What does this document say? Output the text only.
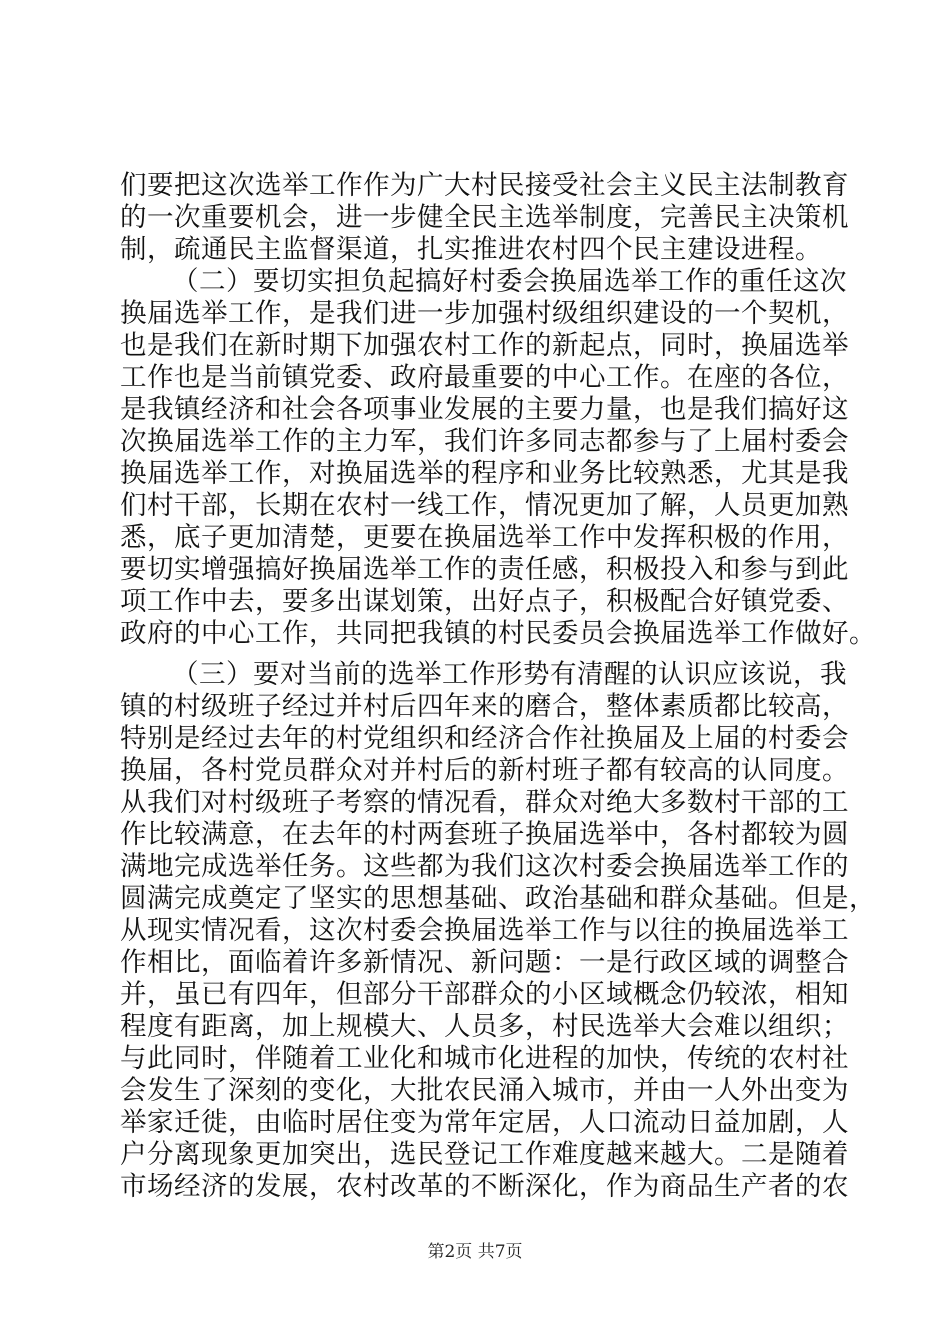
们要把这次选举工作作为广大村民接受社会主义民主法制教育
的一次重要机会，进一步健全民主选举制度，完善民主决策机
制，疏通民主监督渠道，扎实推进农村四个民主建设进程。
（二）要切实担负起搞好村委会换届选举工作的重任这次
换届选举工作，是我们进一步加强村级组织建设的一个契机，
也是我们在新时期下加强农村工作的新起点，同时，换届选举
工作也是当前镇党委、政府最重要的中心工作。在座的各位，
是我镇经济和社会各项事业发展的主要力量，也是我们搞好这
次换届选举工作的主力军，我们许多同志都参与了上届村委会
换届选举工作，对换届选举的程序和业务比较熟悉，尤其是我
们村干部，长期在农村一线工作，情况更加了解，人员更加熟
悉，底子更加清楚，更要在换届选举工作中发挥积极的作用，
要切实增强搞好换届选举工作的责任感，积极投入和参与到此
项工作中去，要多出谋划策，出好点子，积极配合好镇党委、
政府的中心工作，共同把我镇的村民委员会换届选举工作做好。
（三）要对当前的选举工作形势有清醒的认识应该说，我
镇的村级班子经过并村后四年来的磨合，整体素质都比较高，
特别是经过去年的村党组织和经济合作社换届及上届的村委会
换届，各村党员群众对并村后的新村班子都有较高的认同度。
从我们对村级班子考察的情况看，群众对绝大多数村干部的工
作比较满意，在去年的村两套班子换届选举中，各村都较为圆
满地完成选举任务。这些都为我们这次村委会换届选举工作的
圆满完成奠定了坚实的思想基础、政治基础和群众基础。但是，
从现实情况看，这次村委会换届选举工作与以往的换届选举工
作相比，面临着许多新情况、新问题：一是行政区域的调整合
并，虽已有四年，但部分干部群众的小区域概念仍较浓，相知
程度有距离，加上规模大、人员多，村民选举大会难以组织；
与此同时，伴随着工业化和城市化进程的加快，传统的农村社
会发生了深刻的变化，大批农民涌入城市，并由一人外出变为
举家迁徙，由临时居住变为常年定居，人口流动日益加剧，人
户分离现象更加突出，选民登记工作难度越来越大。二是随着
市场经济的发展，农村改革的不断深化，作为商品生产者的农
第2页 共7页
